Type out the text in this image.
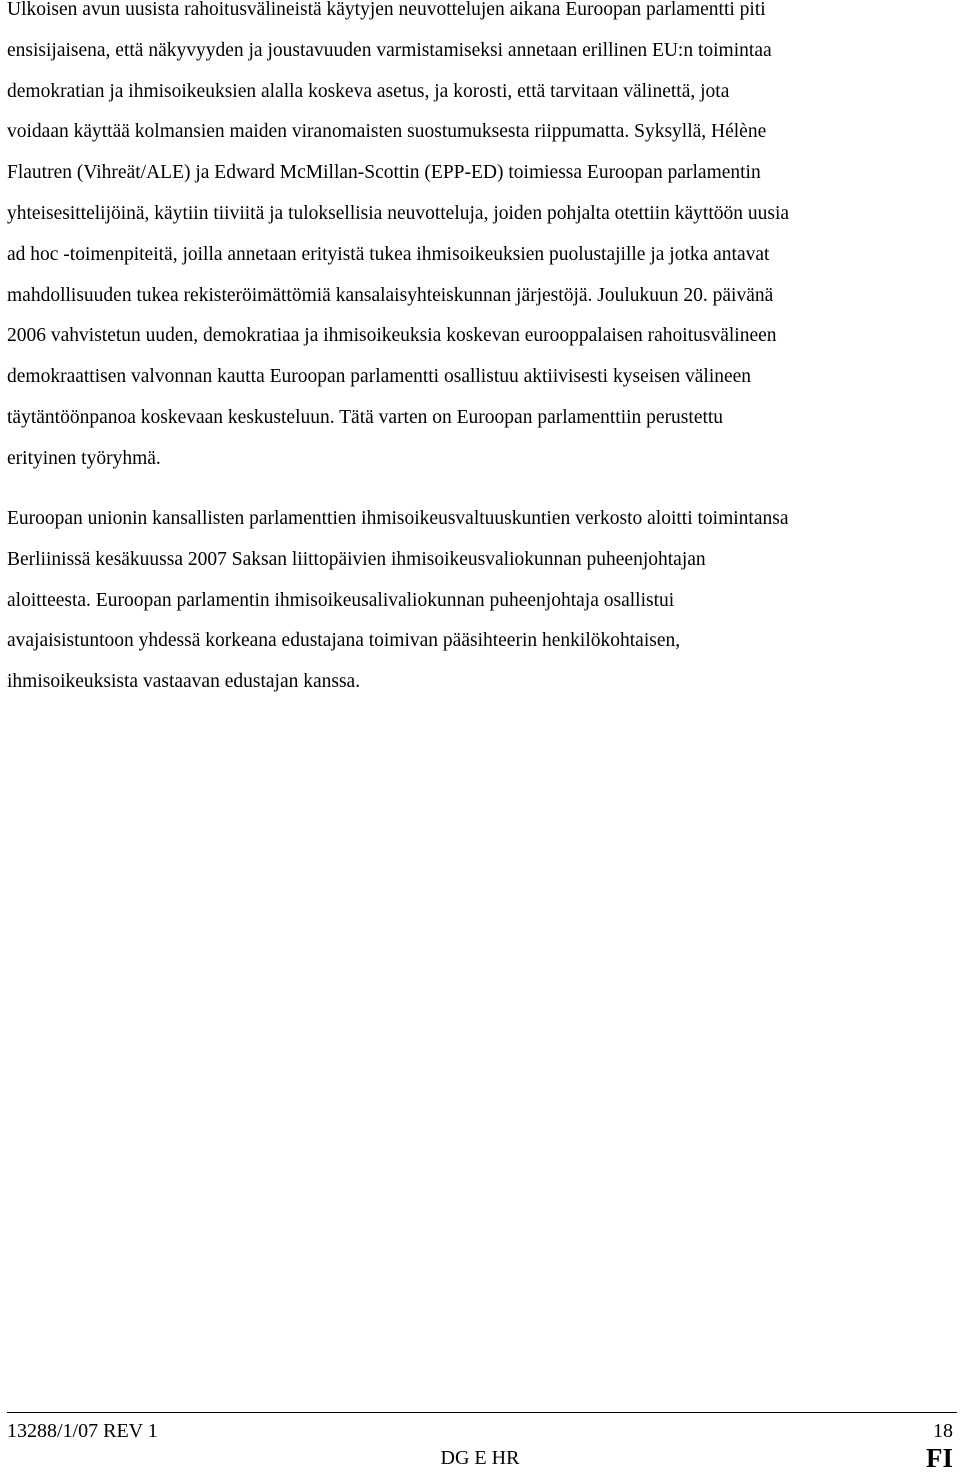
Ulkoisen avun uusista rahoitusvälineistä käytyjen neuvottelujen aikana Euroopan parlamentti piti
ensisijaisena, että näkyvyyden ja joustavuuden varmistamiseksi annetaan erillinen EU:n toimintaa
demokratian ja ihmisoikeuksien alalla koskeva asetus, ja korosti, että tarvitaan välinettä, jota
voidaan käyttää kolmansien maiden viranomaisten suostumuksesta riippumatta. Syksyllä, Hélène
Flautren (Vihreät/ALE) ja Edward McMillan-Scottin (EPP-ED) toimiessa Euroopan parlamentin
yhteisesittelijöinä, käytiin tiiviitä ja tuloksellisia neuvotteluja, joiden pohjalta otettiin käyttöön uusia
ad hoc -toimenpiteitä, joilla annetaan erityistä tukea ihmisoikeuksien puolustajille ja jotka antavat
mahdollisuuden tukea rekisteröimättömiä kansalaisyhteiskunnan järjestöjä. Joulukuun 20. päivänä
2006 vahvistetun uuden, demokratiaa ja ihmisoikeuksia koskevan eurooppalaisen rahoitusvälineen
demokraattisen valvonnan kautta Euroopan parlamentti osallistuu aktiivisesti kyseisen välineen
täytäntöönpanoa koskevaan keskusteluun. Tätä varten on Euroopan parlamenttiin perustettu
erityinen työryhmä.

Euroopan unionin kansallisten parlamenttien ihmisoikeusvaltuuskuntien verkosto aloitti toimintansa
Berliinissä kesäkuussa 2007 Saksan liittopäivien ihmisoikeusvaliokunnan puheenjohtajan
aloitteesta. Euroopan parlamentin ihmisoikeusalivaliokunnan puheenjohtaja osallistui
avajaisistuntoon yhdessä korkeana edustajana toimivan pääsihteerin henkilökohtaisen,
ihmisoikeuksista vastaavan edustajan kanssa.

13288/1/07 REV 1	18
DG E HR	FI
